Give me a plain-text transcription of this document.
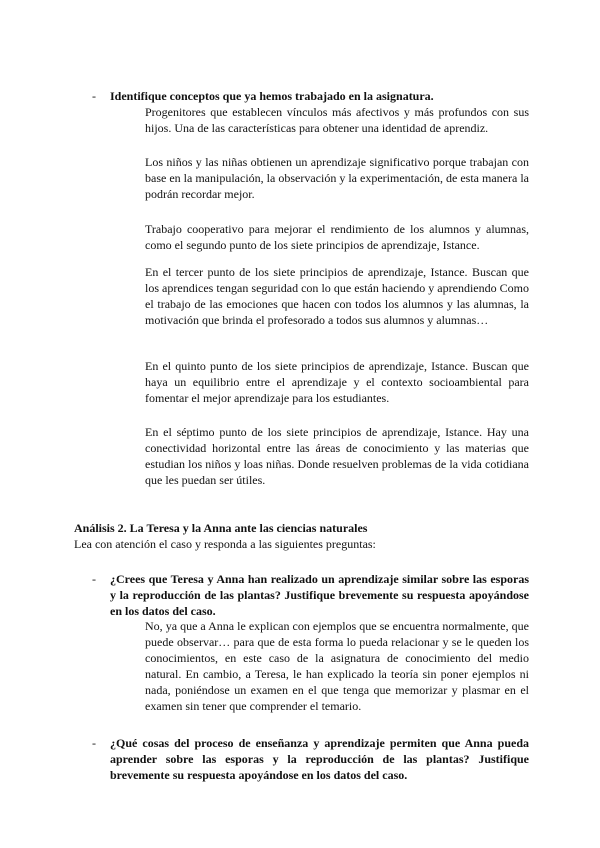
- Identifique conceptos que ya hemos trabajado en la asignatura.
Progenitores que establecen vínculos más afectivos y más profundos con sus hijos. Una de las características para obtener una identidad de aprendiz.
Los niños y las niñas obtienen un aprendizaje significativo porque trabajan con base en la manipulación, la observación y la experimentación, de esta manera la podrán recordar mejor.
Trabajo cooperativo para mejorar el rendimiento de los alumnos y alumnas, como el segundo punto de los siete principios de aprendizaje, Istance.
En el tercer punto de los siete principios de aprendizaje, Istance. Buscan que los aprendices tengan seguridad con lo que están haciendo y aprendiendo Como el trabajo de las emociones que hacen con todos los alumnos y las alumnas, la motivación que brinda el profesorado a todos sus alumnos y alumnas…
En el quinto punto de los siete principios de aprendizaje, Istance. Buscan que haya un equilibrio entre el aprendizaje y el contexto socioambiental para fomentar el mejor aprendizaje para los estudiantes.
En el séptimo punto de los siete principios de aprendizaje, Istance. Hay una conectividad horizontal entre las áreas de conocimiento y las materias que estudian los niños y loas niñas. Donde resuelven problemas de la vida cotidiana que les puedan ser útiles.
Análisis 2. La Teresa y la Anna ante las ciencias naturales
Lea con atención el caso y responda a las siguientes preguntas:
- ¿Crees que Teresa y Anna han realizado un aprendizaje similar sobre las esporas y la reproducción de las plantas? Justifique brevemente su respuesta apoyándose en los datos del caso.
No, ya que a Anna le explican con ejemplos que se encuentra normalmente, que puede observar… para que de esta forma lo pueda relacionar y se le queden los conocimientos, en este caso de la asignatura de conocimiento del medio natural. En cambio, a Teresa, le han explicado la teoría sin poner ejemplos ni nada, poniéndose un examen en el que tenga que memorizar y plasmar en el examen sin tener que comprender el temario.
- ¿Qué cosas del proceso de enseñanza y aprendizaje permiten que Anna pueda aprender sobre las esporas y la reproducción de las plantas? Justifique brevemente su respuesta apoyándose en los datos del caso.
